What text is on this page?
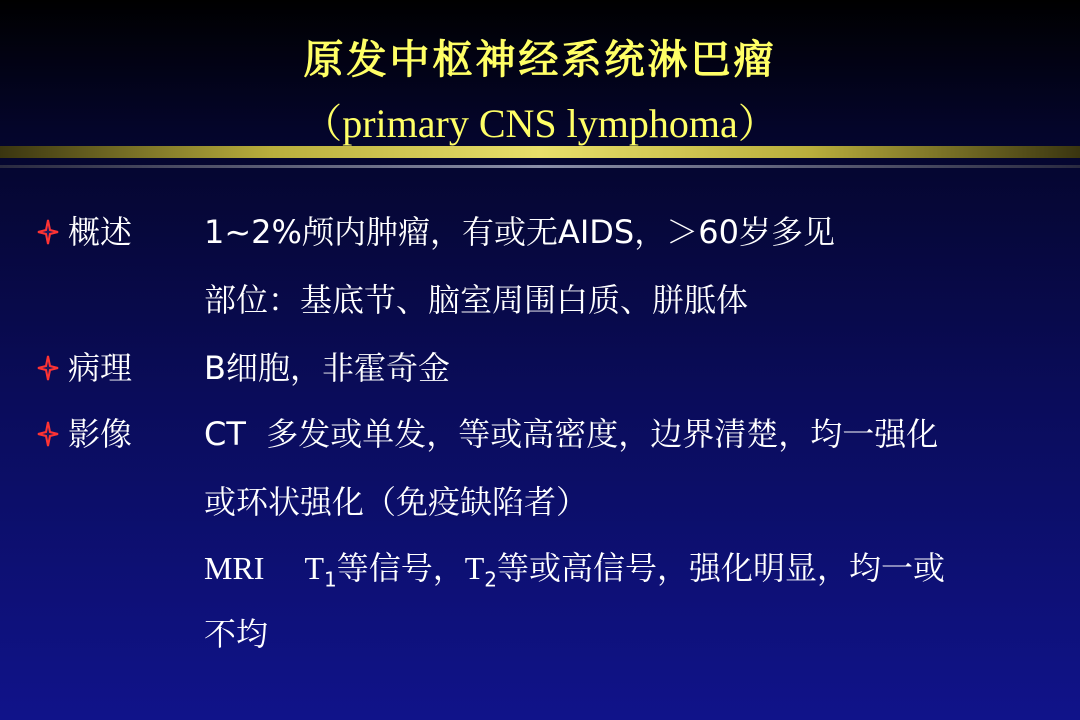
原发中枢神经系统淋巴瘤
（primary CNS lymphoma）
概述 1~2%颅内肿瘤，有或无AIDS，＞60岁多见
部位：基底节、脑室周围白质、胼胝体
病理 B细胞，非霍奇金
影像 CT  多发或单发，等或高密度，边界清楚，均一强化
或环状强化（免疫缺陷者）
MRI $T_1$等信号，$T_2$等或高信号，强化明显，均一或
不均
